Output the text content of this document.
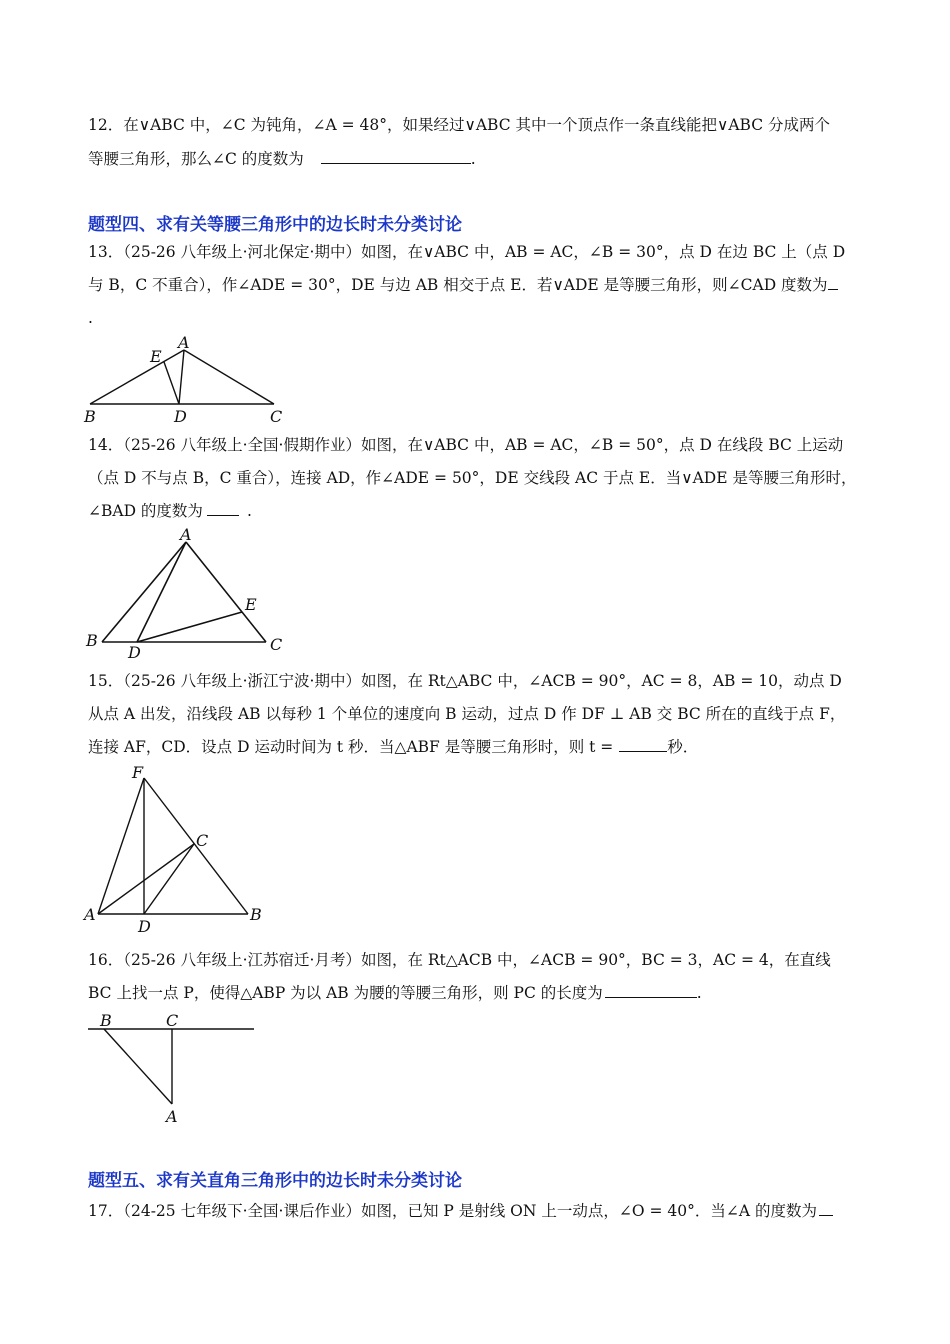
12．在∨ABC 中，∠C 为钝角，∠A = 48°，如果经过∨ABC 其中一个顶点作一条直线能把∨ABC 分成两个
等腰三角形，那么∠C 的度数为	.
题型四、求有关等腰三角形中的边长时未分类讨论
13．（25-26 八年级上·河北保定·期中）如图，在∨ABC 中，AB = AC，∠B = 30°，点 D 在边 BC 上（点 D
与 B，C 不重合），作∠ADE = 30°，DE 与边 AB 相交于点 E．若∨ADE 是等腰三角形，则∠CAD 度数为
.
A
B	C
D
E
14．（25-26 八年级上·全国·假期作业）如图，在∨ABC 中，AB = AC，∠B = 50°，点 D 在线段 BC 上运动
（点 D 不与点 B，C 重合），连接 AD，作∠ADE = 50°，DE 交线段 AC 于点 E．当∨ADE 是等腰三角形时，
∠BAD 的度数为	.
A
B	C
D
E
15．（25-26 八年级上·浙江宁波·期中）如图，在 Rt△ABC 中，∠ACB = 90°，AC = 8，AB = 10，动点 D
从点 A 出发，沿线段 AB 以每秒 1 个单位的速度向 B 运动，过点 D 作 DF ⊥ AB 交 BC 所在的直线于点 F，
连接 AF，CD．设点 D 运动时间为 t 秒．当△ABF 是等腰三角形时，则 t =	秒．
F
C
A
D
B
16．（25-26 八年级上·江苏宿迁·月考）如图，在 Rt△ACB 中，∠ACB = 90°，BC = 3，AC = 4，在直线
BC 上找一点 P，使得△ABP 为以 AB 为腰的等腰三角形，则 PC 的长度为	.
B	C
A
题型五、求有关直角三角形中的边长时未分类讨论
17．（24-25 七年级下·全国·课后作业）如图，已知 P 是射线 ON 上一动点，∠O = 40°．当∠A 的度数为
